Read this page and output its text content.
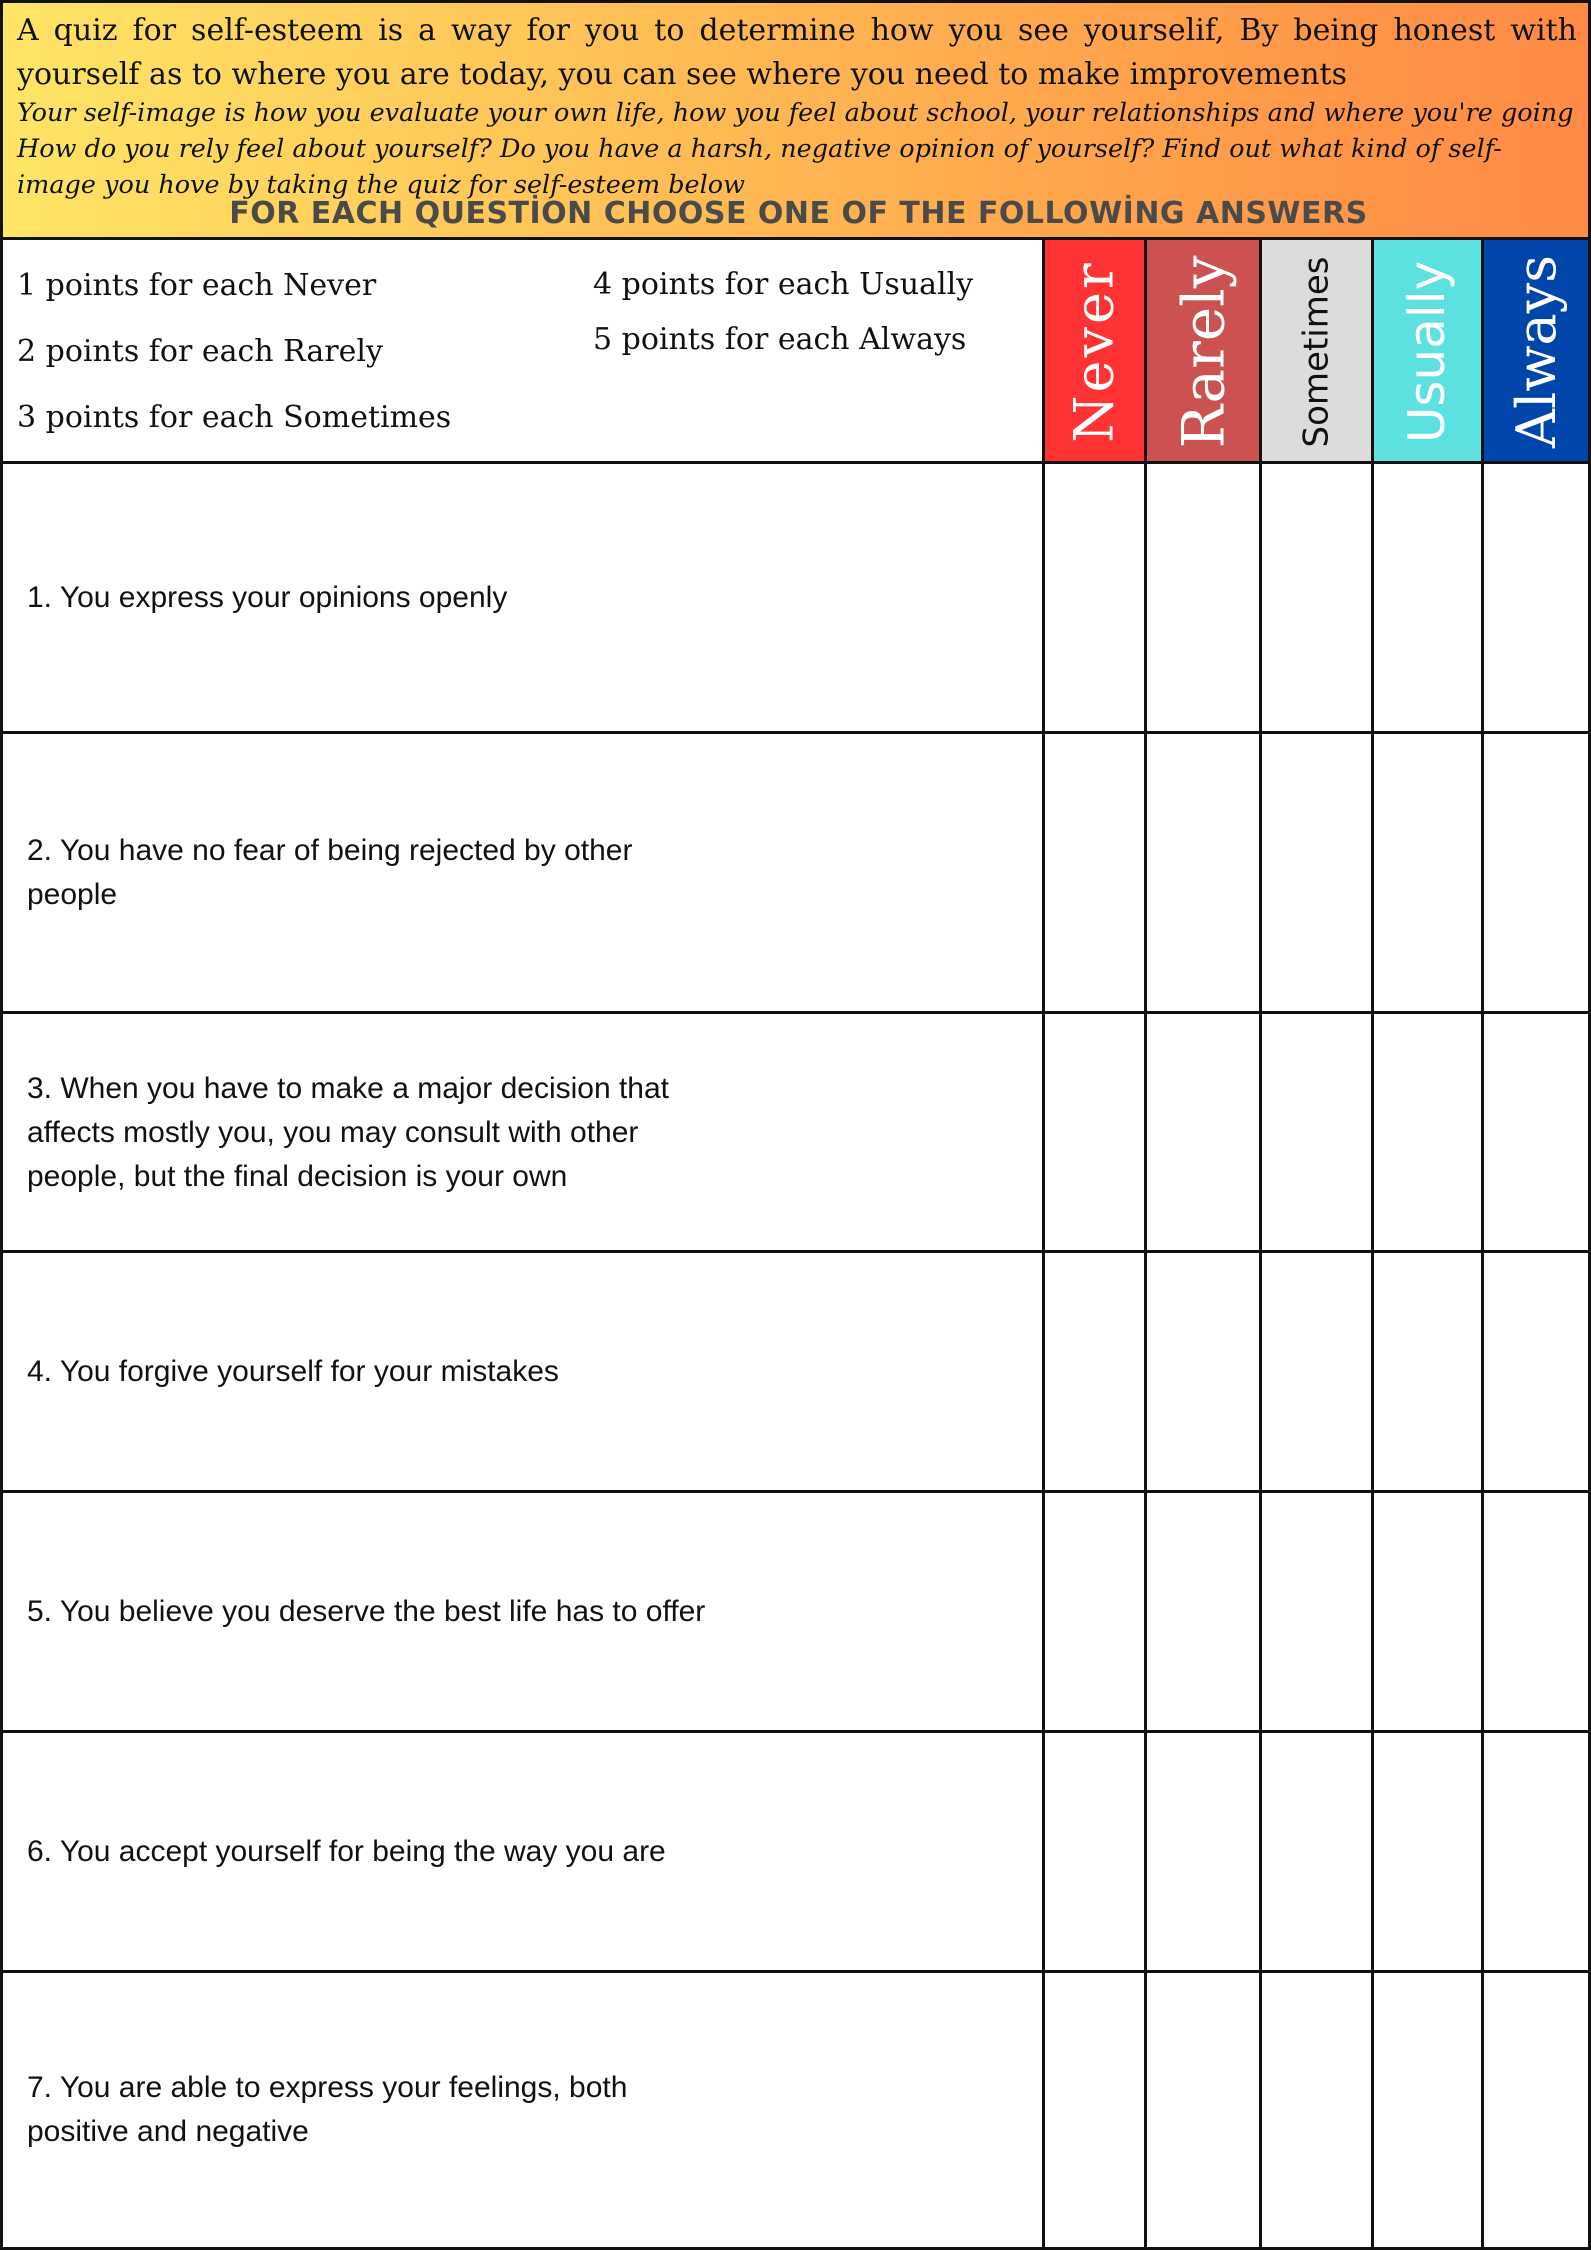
A quiz for self-esteem is a way for you to determine how you see yourselif, By being honest with yourself as to where you are today, you can see where you need to make improvements

Your self-image is how you evaluate your own life, how you feel about school, your relationships and where you're going How do you rely feel about yourself? Do you have a harsh, negative opinion of yourself? Find out what kind of self-image you hove by taking the quiz for self-esteem below

FOR EACH QUESTİON CHOOSE ONE OF THE FOLLOWİNG ANSWERS

1 points for each Never
2 points for each Rarely
3 points for each Sometimes
4 points for each Usually
5 points for each Always Never Rarely Sometimes Usually Always
1. You express your opinions openly
2. You have no fear of being rejected by other people
3. When you have to make a major decision that affects mostly you, you may consult with other people, but the final decision is your own
4. You forgive yourself for your mistakes
5. You believe you deserve the best life has to offer
6. You accept yourself for being the way you are
7. You are able to express your feelings, both positive and negative
